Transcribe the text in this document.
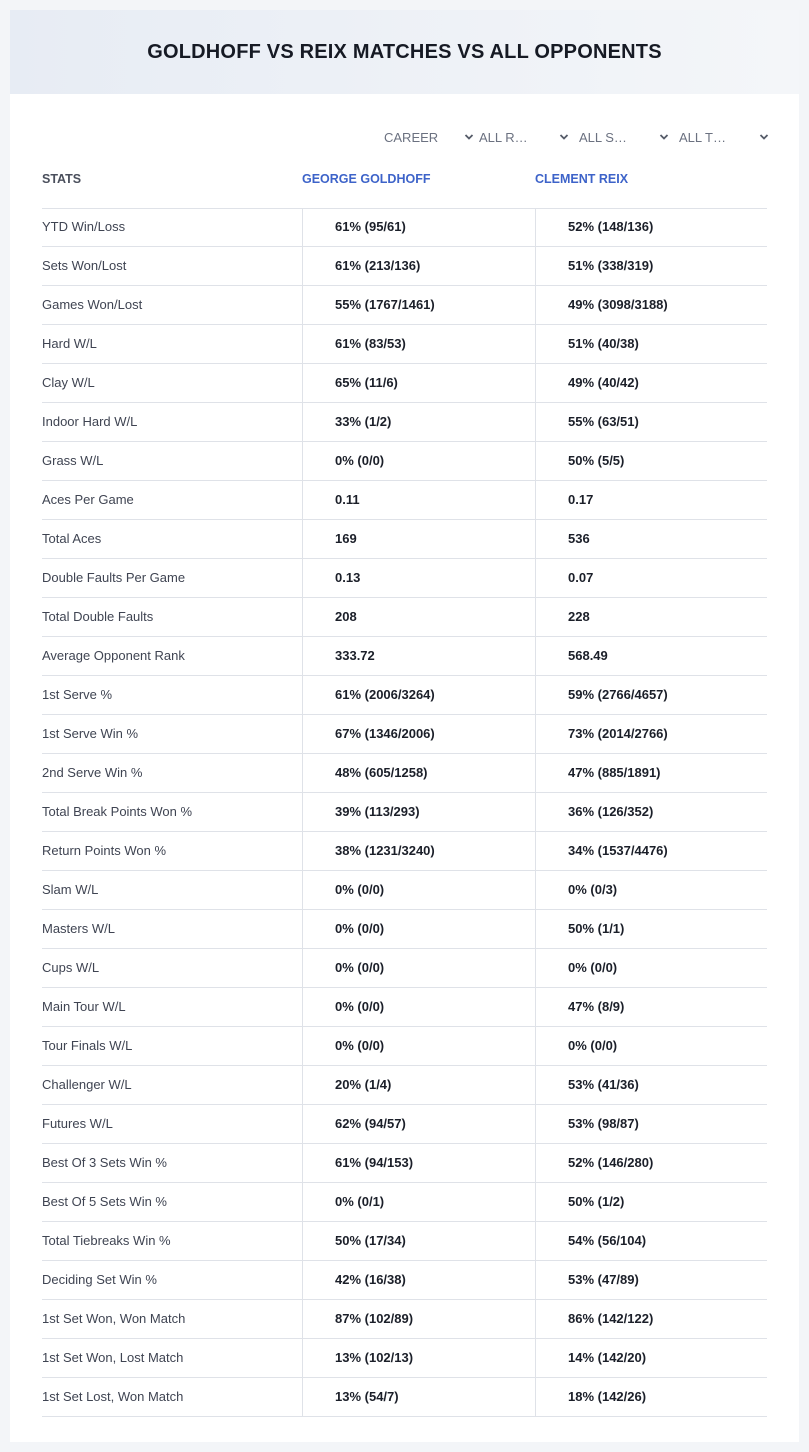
GOLDHOFF VS REIX MATCHES VS ALL OPPONENTS
CAREER	ALL R…	ALL S…	ALL T…
STATS	GEORGE GOLDHOFF	CLEMENT REIX
YTD Win/Loss	61% (95/61)	52% (148/136)
Sets Won/Lost	61% (213/136)	51% (338/319)
Games Won/Lost	55% (1767/1461)	49% (3098/3188)
Hard W/L	61% (83/53)	51% (40/38)
Clay W/L	65% (11/6)	49% (40/42)
Indoor Hard W/L	33% (1/2)	55% (63/51)
Grass W/L	0% (0/0)	50% (5/5)
Aces Per Game	0.11	0.17
Total Aces	169	536
Double Faults Per Game	0.13	0.07
Total Double Faults	208	228
Average Opponent Rank	333.72	568.49
1st Serve %	61% (2006/3264)	59% (2766/4657)
1st Serve Win %	67% (1346/2006)	73% (2014/2766)
2nd Serve Win %	48% (605/1258)	47% (885/1891)
Total Break Points Won %	39% (113/293)	36% (126/352)
Return Points Won %	38% (1231/3240)	34% (1537/4476)
Slam W/L	0% (0/0)	0% (0/3)
Masters W/L	0% (0/0)	50% (1/1)
Cups W/L	0% (0/0)	0% (0/0)
Main Tour W/L	0% (0/0)	47% (8/9)
Tour Finals W/L	0% (0/0)	0% (0/0)
Challenger W/L	20% (1/4)	53% (41/36)
Futures W/L	62% (94/57)	53% (98/87)
Best Of 3 Sets Win %	61% (94/153)	52% (146/280)
Best Of 5 Sets Win %	0% (0/1)	50% (1/2)
Total Tiebreaks Win %	50% (17/34)	54% (56/104)
Deciding Set Win %	42% (16/38)	53% (47/89)
1st Set Won, Won Match	87% (102/89)	86% (142/122)
1st Set Won, Lost Match	13% (102/13)	14% (142/20)
1st Set Lost, Won Match	13% (54/7)	18% (142/26)
